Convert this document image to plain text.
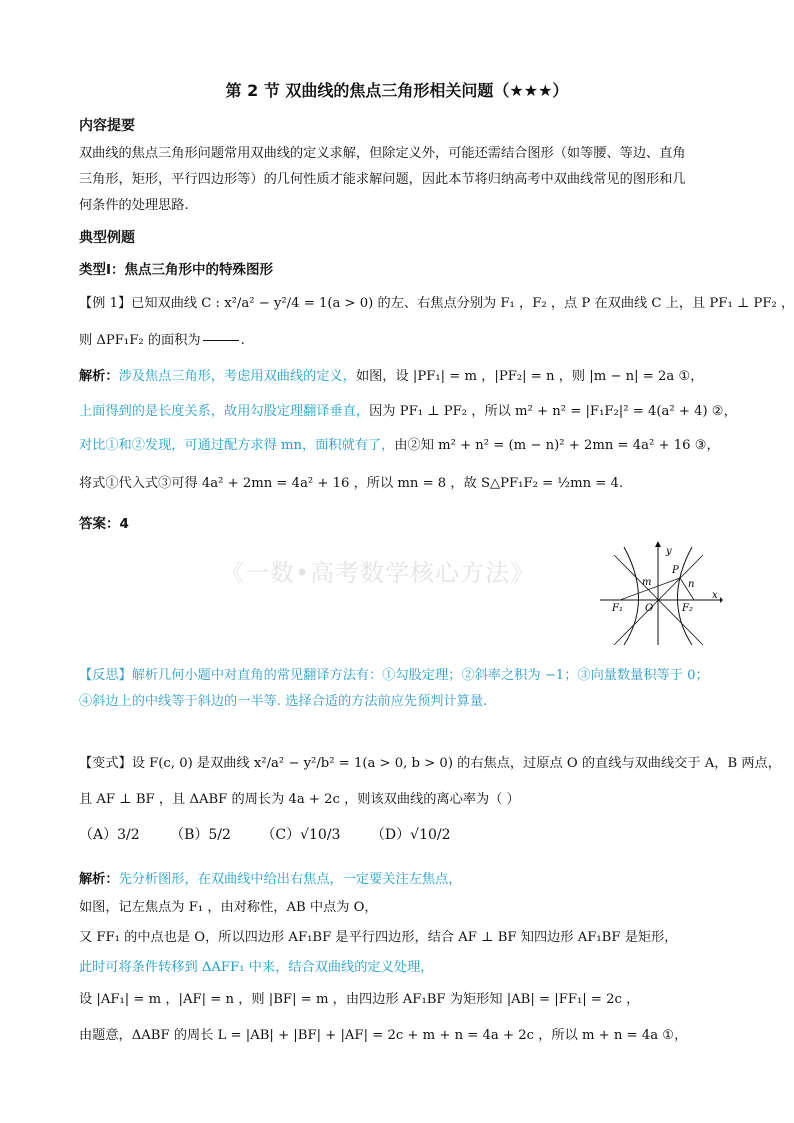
第 2 节 双曲线的焦点三角形相关问题（★★★）
内容提要
双曲线的焦点三角形问题常用双曲线的定义求解，但除定义外，可能还需结合图形（如等腰、等边、直角
三角形，矩形，平行四边形等）的几何性质才能求解问题，因此本节将归纳高考中双曲线常见的图形和几
何条件的处理思路.
典型例题
类型Ⅰ：焦点三角形中的特殊图形
【例 1】已知双曲线 C : x²/a² − y²/4 = 1(a > 0) 的左、右焦点分别为 F₁ ，F₂ ，点 P 在双曲线 C 上，且 PF₁ ⊥ PF₂ ，
则 ΔPF₁F₂ 的面积为	.
解析：涉及焦点三角形，考虑用双曲线的定义，如图，设 |PF₁| = m ，|PF₂| = n ，则 |m − n| = 2a ①，
上面得到的是长度关系，故用勾股定理翻译垂直，因为 PF₁ ⊥ PF₂ ，所以 m² + n² = |F₁F₂|² = 4(a² + 4) ②，
对比①和②发现，可通过配方求得 mn，面积就有了，由②知 m² + n² = (m − n)² + 2mn = 4a² + 16 ③，
将式①代入式③可得 4a² + 2mn = 4a² + 16 ，所以 mn = 8 ，故 S△PF₁F₂ = ½mn = 4.
答案：4
《一数•高考数学核心方法》
y
x
P
m	n
F₁ O	F₂
【反思】解析几何小题中对直角的常见翻译方法有：①勾股定理；②斜率之积为 −1；③向量数量积等于 0；
④斜边上的中线等于斜边的一半等. 选择合适的方法前应先预判计算量.
【变式】设 F(c, 0) 是双曲线 x²/a² − y²/b² = 1(a > 0, b > 0) 的右焦点，过原点 O 的直线与双曲线交于 A，B 两点，
且 AF ⊥ BF ，且 ΔABF 的周长为 4a + 2c ，则该双曲线的离心率为（ ）
（A）3/2 （B）5/2 （C）√10/3 （D）√10/2
解析：先分析图形，在双曲线中给出右焦点，一定要关注左焦点，
如图，记左焦点为 F₁ ，由对称性，AB 中点为 O，
又 FF₁ 的中点也是 O，所以四边形 AF₁BF 是平行四边形，结合 AF ⊥ BF 知四边形 AF₁BF 是矩形，
此时可将条件转移到 ΔAFF₁ 中来，结合双曲线的定义处理，
设 |AF₁| = m ，|AF| = n ，则 |BF| = m ，由四边形 AF₁BF 为矩形知 |AB| = |FF₁| = 2c ，
由题意，ΔABF 的周长 L = |AB| + |BF| + |AF| = 2c + m + n = 4a + 2c ，所以 m + n = 4a ①，
